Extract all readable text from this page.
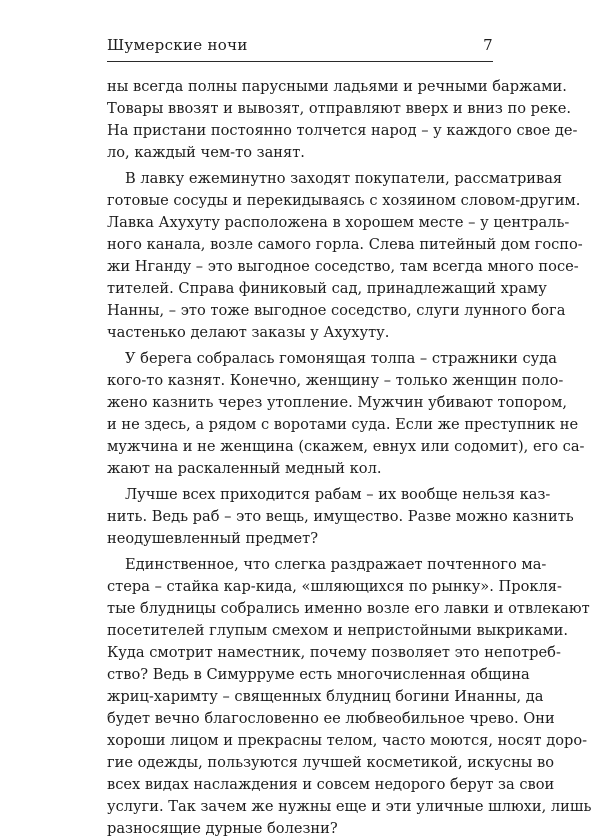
Шумерские ночи	7
ны всегда полны парусными ладьями и речными баржами.
Товары ввозят и вывозят, отправляют вверх и вниз по реке.
На пристани постоянно толчется народ – у каждого свое де-
ло, каждый чем-то занят.
В лавку ежеминутно заходят покупатели, рассматривая
готовые сосуды и перекидываясь с хозяином словом-другим.
Лавка Ахухуту расположена в хорошем месте – у централь-
ного канала, возле самого горла. Слева питейный дом госпо-
жи Нганду – это выгодное соседство, там всегда много посе-
тителей. Справа финиковый сад, принадлежащий храму
Нанны, – это тоже выгодное соседство, слуги лунного бога
частенько делают заказы у Ахухуту.
У берега собралась гомонящая толпа – стражники суда
кого-то казнят. Конечно, женщину – только женщин поло-
жено казнить через утопление. Мужчин убивают топором,
и не здесь, а рядом с воротами суда. Если же преступник не
мужчина и не женщина (скажем, евнух или содомит), его са-
жают на раскаленный медный кол.
Лучше всех приходится рабам – их вообще нельзя каз-
нить. Ведь раб – это вещь, имущество. Разве можно казнить
неодушевленный предмет?
Единственное, что слегка раздражает почтенного ма-
стера – стайка кар-кида, «шляющихся по рынку». Прокля-
тые блудницы собрались именно возле его лавки и отвлекают
посетителей глупым смехом и непристойными выкриками.
Куда смотрит наместник, почему позволяет это непотреб-
ство? Ведь в Симурруме есть многочисленная община
жриц-харимту – священных блудниц богини Инанны, да
будет вечно благословенно ее любвеобильное чрево. Они
хороши лицом и прекрасны телом, часто моются, носят доро-
гие одежды, пользуются лучшей косметикой, искусны во
всех видах наслаждения и совсем недорого берут за свои
услуги. Так зачем же нужны еще и эти уличные шлюхи, лишь
разносящие дурные болезни?
